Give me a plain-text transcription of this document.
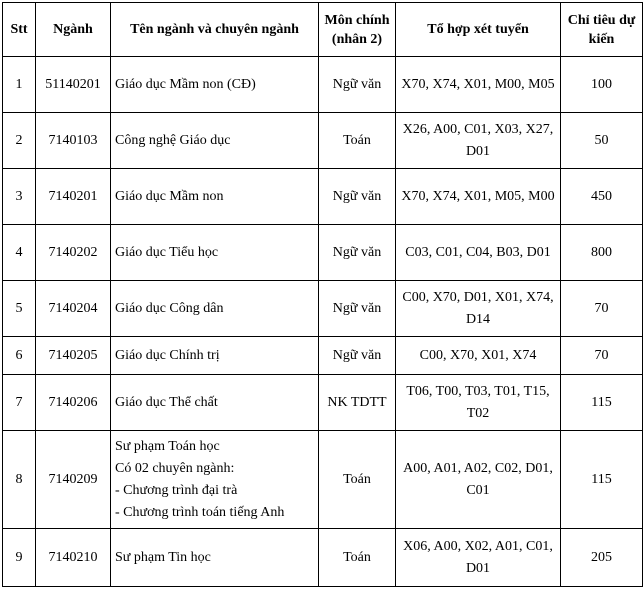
Stt	Ngành	Tên ngành và chuyên ngành	Môn chính (nhân 2)	Tổ hợp xét tuyển	Chỉ tiêu dự kiến
1	51140201	Giáo dục Mầm non (CĐ)	Ngữ văn	X70, X74, X01, M00, M05	100
2	7140103	Công nghệ Giáo dục	Toán	X26, A00, C01, X03, X27, D01	50
3	7140201	Giáo dục Mầm non	Ngữ văn	X70, X74, X01, M05, M00	450
4	7140202	Giáo dục Tiểu học	Ngữ văn	C03, C01, C04, B03, D01	800
5	7140204	Giáo dục Công dân	Ngữ văn	C00, X70, D01, X01, X74, D14	70
6	7140205	Giáo dục Chính trị	Ngữ văn	C00, X70, X01, X74	70
7	7140206	Giáo dục Thể chất	NK TDTT	T06, T00, T03, T01, T15, T02	115
8	7140209	Sư phạm Toán học
Có 02 chuyên ngành:
- Chương trình đại trà
- Chương trình toán tiếng Anh	Toán	A00, A01, A02, C02, D01, C01	115
9	7140210	Sư phạm Tin học	Toán	X06, A00, X02, A01, C01, D01	205
